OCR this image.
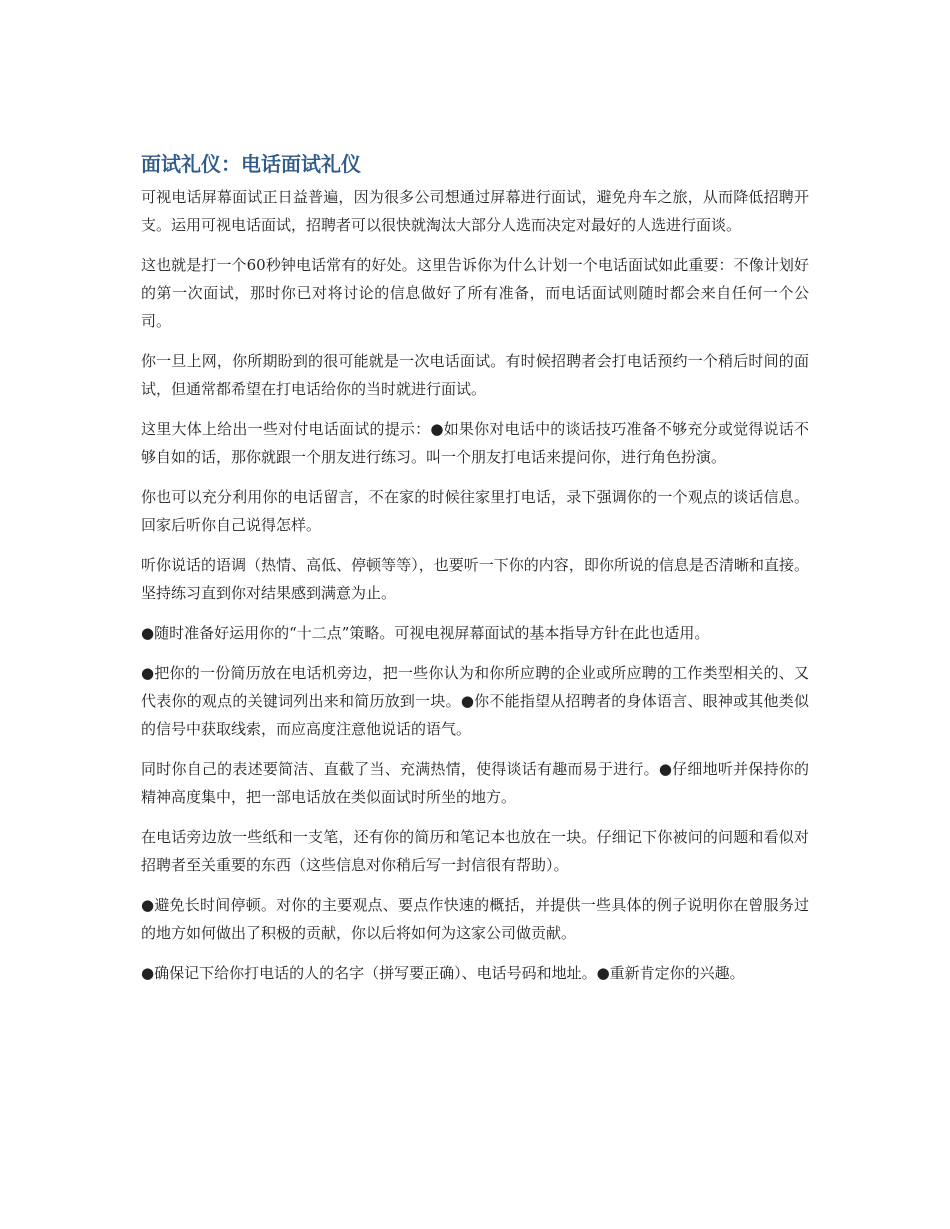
面试礼仪：电话面试礼仪

可视电话屏幕面试正日益普遍，因为很多公司想通过屏幕进行面试，避免舟车之旅，从而降低招聘开支。运用可视电话面试，招聘者可以很快就淘汰大部分人选而决定对最好的人选进行面谈。

这也就是打一个60秒钟电话常有的好处。这里告诉你为什么计划一个电话面试如此重要：不像计划好的第一次面试，那时你已对将讨论的信息做好了所有准备，而电话面试则随时都会来自任何一个公司。

你一旦上网，你所期盼到的很可能就是一次电话面试。有时候招聘者会打电话预约一个稍后时间的面试，但通常都希望在打电话给你的当时就进行面试。

这里大体上给出一些对付电话面试的提示：●如果你对电话中的谈话技巧准备不够充分或觉得说话不够自如的话，那你就跟一个朋友进行练习。叫一个朋友打电话来提问你，进行角色扮演。

你也可以充分利用你的电话留言，不在家的时候往家里打电话，录下强调你的一个观点的谈话信息。回家后听你自己说得怎样。

听你说话的语调（热情、高低、停顿等等），也要听一下你的内容，即你所说的信息是否清晰和直接。坚持练习直到你对结果感到满意为止。

●随时准备好运用你的“十二点”策略。可视电视屏幕面试的基本指导方针在此也适用。

●把你的一份简历放在电话机旁边，把一些你认为和你所应聘的企业或所应聘的工作类型相关的、又代表你的观点的关键词列出来和简历放到一块。●你不能指望从招聘者的身体语言、眼神或其他类似的信号中获取线索，而应高度注意他说话的语气。

同时你自己的表述要简洁、直截了当、充满热情，使得谈话有趣而易于进行。●仔细地听并保持你的精神高度集中，把一部电话放在类似面试时所坐的地方。

在电话旁边放一些纸和一支笔，还有你的简历和笔记本也放在一块。仔细记下你被问的问题和看似对招聘者至关重要的东西（这些信息对你稍后写一封信很有帮助）。

●避免长时间停顿。对你的主要观点、要点作快速的概括，并提供一些具体的例子说明你在曾服务过的地方如何做出了积极的贡献，你以后将如何为这家公司做贡献。

●确保记下给你打电话的人的名字（拼写要正确）、电话号码和地址。●重新肯定你的兴趣。
